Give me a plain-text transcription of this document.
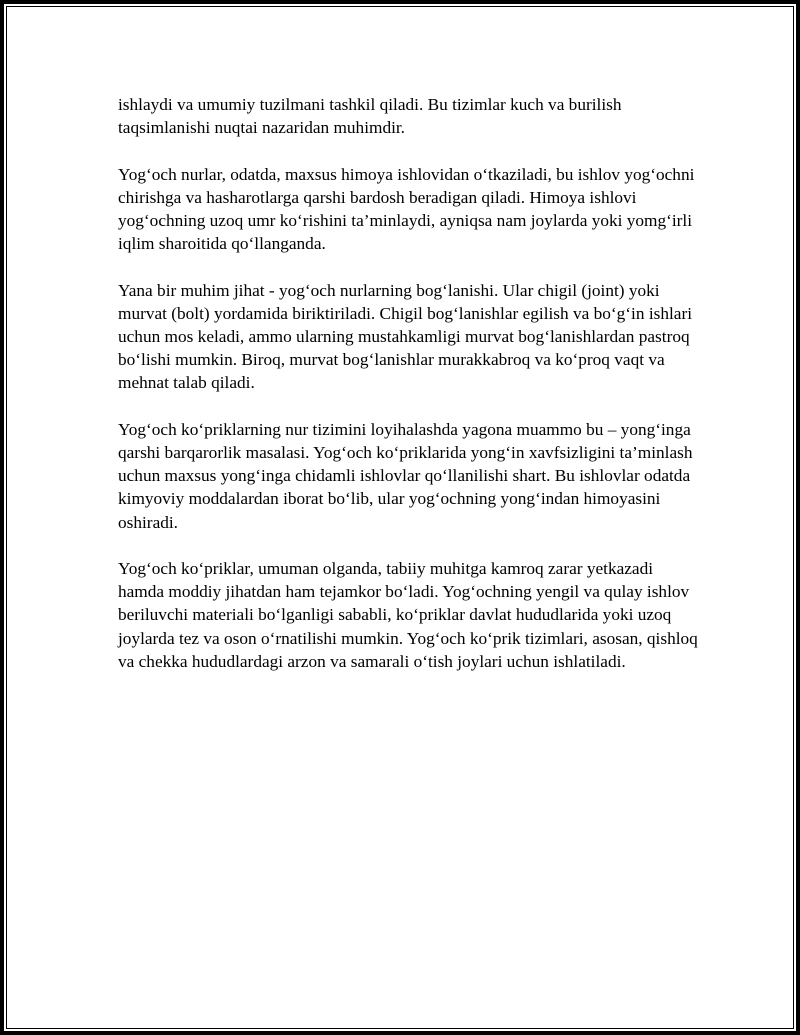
ishlaydi va umumiy tuzilmani tashkil qiladi. Bu tizimlar kuch va burilish taqsimlanishi nuqtai nazaridan muhimdir.

Yog‘och nurlar, odatda, maxsus himoya ishlovidan o‘tkaziladi, bu ishlov yog‘ochni chirishga va hasharotlarga qarshi bardosh beradigan qiladi. Himoya ishlovi yog‘ochning uzoq umr ko‘rishini ta’minlaydi, ayniqsa nam joylarda yoki yomg‘irli iqlim sharoitida qo‘llanganda.

Yana bir muhim jihat - yog‘och nurlarning bog‘lanishi. Ular chigil (joint) yoki murvat (bolt) yordamida biriktiriladi. Chigil bog‘lanishlar egilish va bo‘g‘in ishlari uchun mos keladi, ammo ularning mustahkamligi murvat bog‘lanishlardan pastroq bo‘lishi mumkin. Biroq, murvat bog‘lanishlar murakkabroq va ko‘proq vaqt va mehnat talab qiladi.

Yog‘och ko‘priklarning nur tizimini loyihalashda yagona muammo bu – yong‘inga qarshi barqarorlik masalasi. Yog‘och ko‘priklarida yong‘in xavfsizligini ta’minlash uchun maxsus yong‘inga chidamli ishlovlar qo‘llanilishi shart. Bu ishlovlar odatda kimyoviy moddalardan iborat bo‘lib, ular yog‘ochning yong‘indan himoyasini oshiradi.

Yog‘och ko‘priklar, umuman olganda, tabiiy muhitga kamroq zarar yetkazadi hamda moddiy jihatdan ham tejamkor bo‘ladi. Yog‘ochning yengil va qulay ishlov beriluvchi materiali bo‘lganligi sababli, ko‘priklar davlat hududlarida yoki uzoq joylarda tez va oson o‘rnatilishi mumkin. Yog‘och ko‘prik tizimlari, asosan, qishloq va chekka hududlardagi arzon va samarali o‘tish joylari uchun ishlatiladi.
